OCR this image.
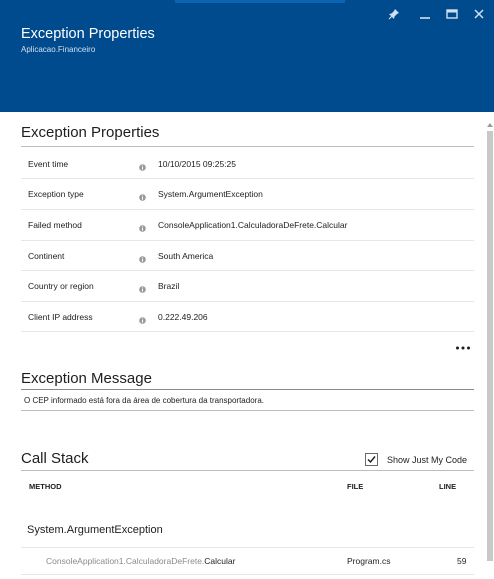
Exception Properties
Aplicacao.Financeiro
Exception Properties
Event time	10/10/2015 09:25:25
Exception type	System.ArgumentException
Failed method	ConsoleApplication1.CalculadoraDeFrete.Calcular
Continent	South America
Country or region	Brazil
Client IP address	0.222.49.206
Exception Message
O CEP informado está fora da área de cobertura da transportadora.
Call Stack	Show Just My Code
METHOD	FILE	LINE
System.ArgumentException
ConsoleApplication1.CalculadoraDeFrete.Calcular	Program.cs	59
